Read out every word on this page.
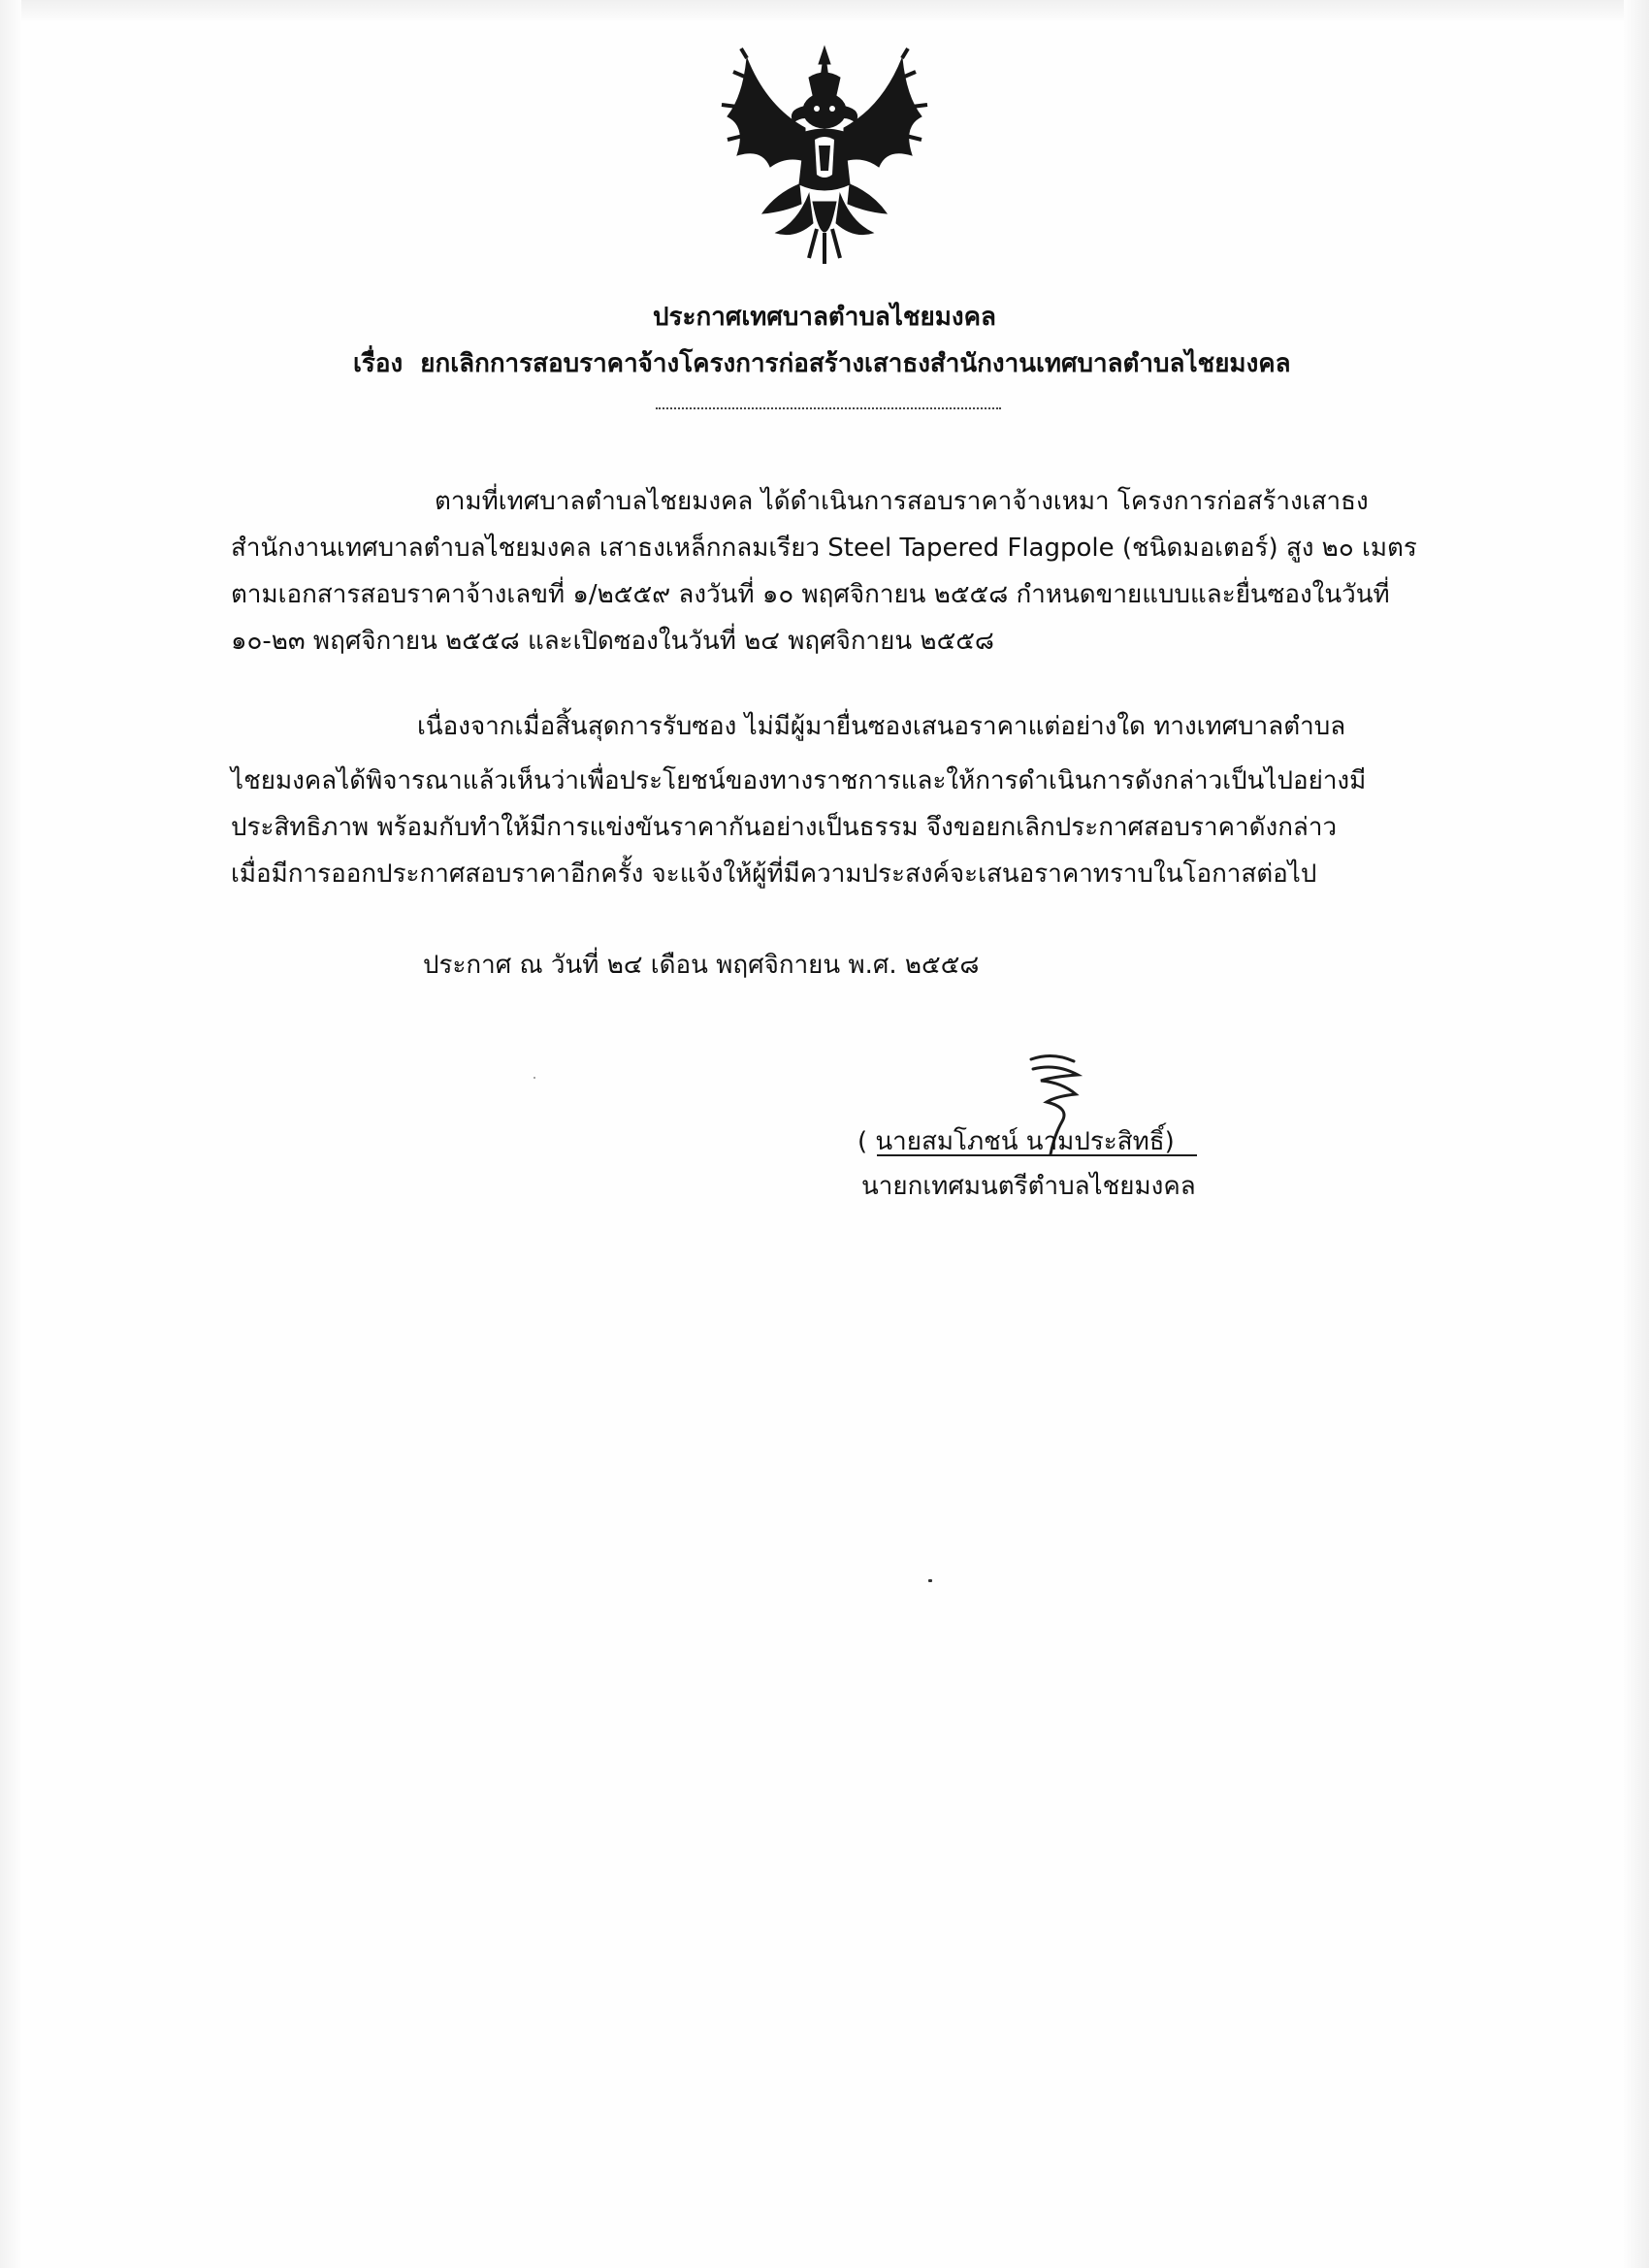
ประกาศเทศบาลตำบลไชยมงคล
เรื่อง ยกเลิกการสอบราคาจ้างโครงการก่อสร้างเสาธงสำนักงานเทศบาลตำบลไชยมงคล
ตามที่เทศบาลตำบลไชยมงคล ได้ดำเนินการสอบราคาจ้างเหมา โครงการก่อสร้างเสาธง
สำนักงานเทศบาลตำบลไชยมงคล เสาธงเหล็กกลมเรียว Steel Tapered Flagpole (ชนิดมอเตอร์) สูง ๒๐ เมตร
ตามเอกสารสอบราคาจ้างเลขที่ ๑/๒๕๕๙ ลงวันที่ ๑๐ พฤศจิกายน ๒๕๕๘ กำหนดขายแบบและยื่นซองในวันที่
๑๐-๒๓ พฤศจิกายน ๒๕๕๘ และเปิดซองในวันที่ ๒๔ พฤศจิกายน ๒๕๕๘
เนื่องจากเมื่อสิ้นสุดการรับซอง ไม่มีผู้มายื่นซองเสนอราคาแต่อย่างใด ทางเทศบาลตำบล
ไชยมงคลได้พิจารณาแล้วเห็นว่าเพื่อประโยชน์ของทางราชการและให้การดำเนินการดังกล่าวเป็นไปอย่างมี
ประสิทธิภาพ พร้อมกับทำให้มีการแข่งขันราคากันอย่างเป็นธรรม จึงขอยกเลิกประกาศสอบราคาดังกล่าว
เมื่อมีการออกประกาศสอบราคาอีกครั้ง จะแจ้งให้ผู้ที่มีความประสงค์จะเสนอราคาทราบในโอกาสต่อไป
ประกาศ ณ วันที่ ๒๔ เดือน พฤศจิกายน พ.ศ. ๒๕๕๘
( นายสมโภชน์ นามประสิทธิ์)
นายกเทศมนตรีตำบลไชยมงคล
